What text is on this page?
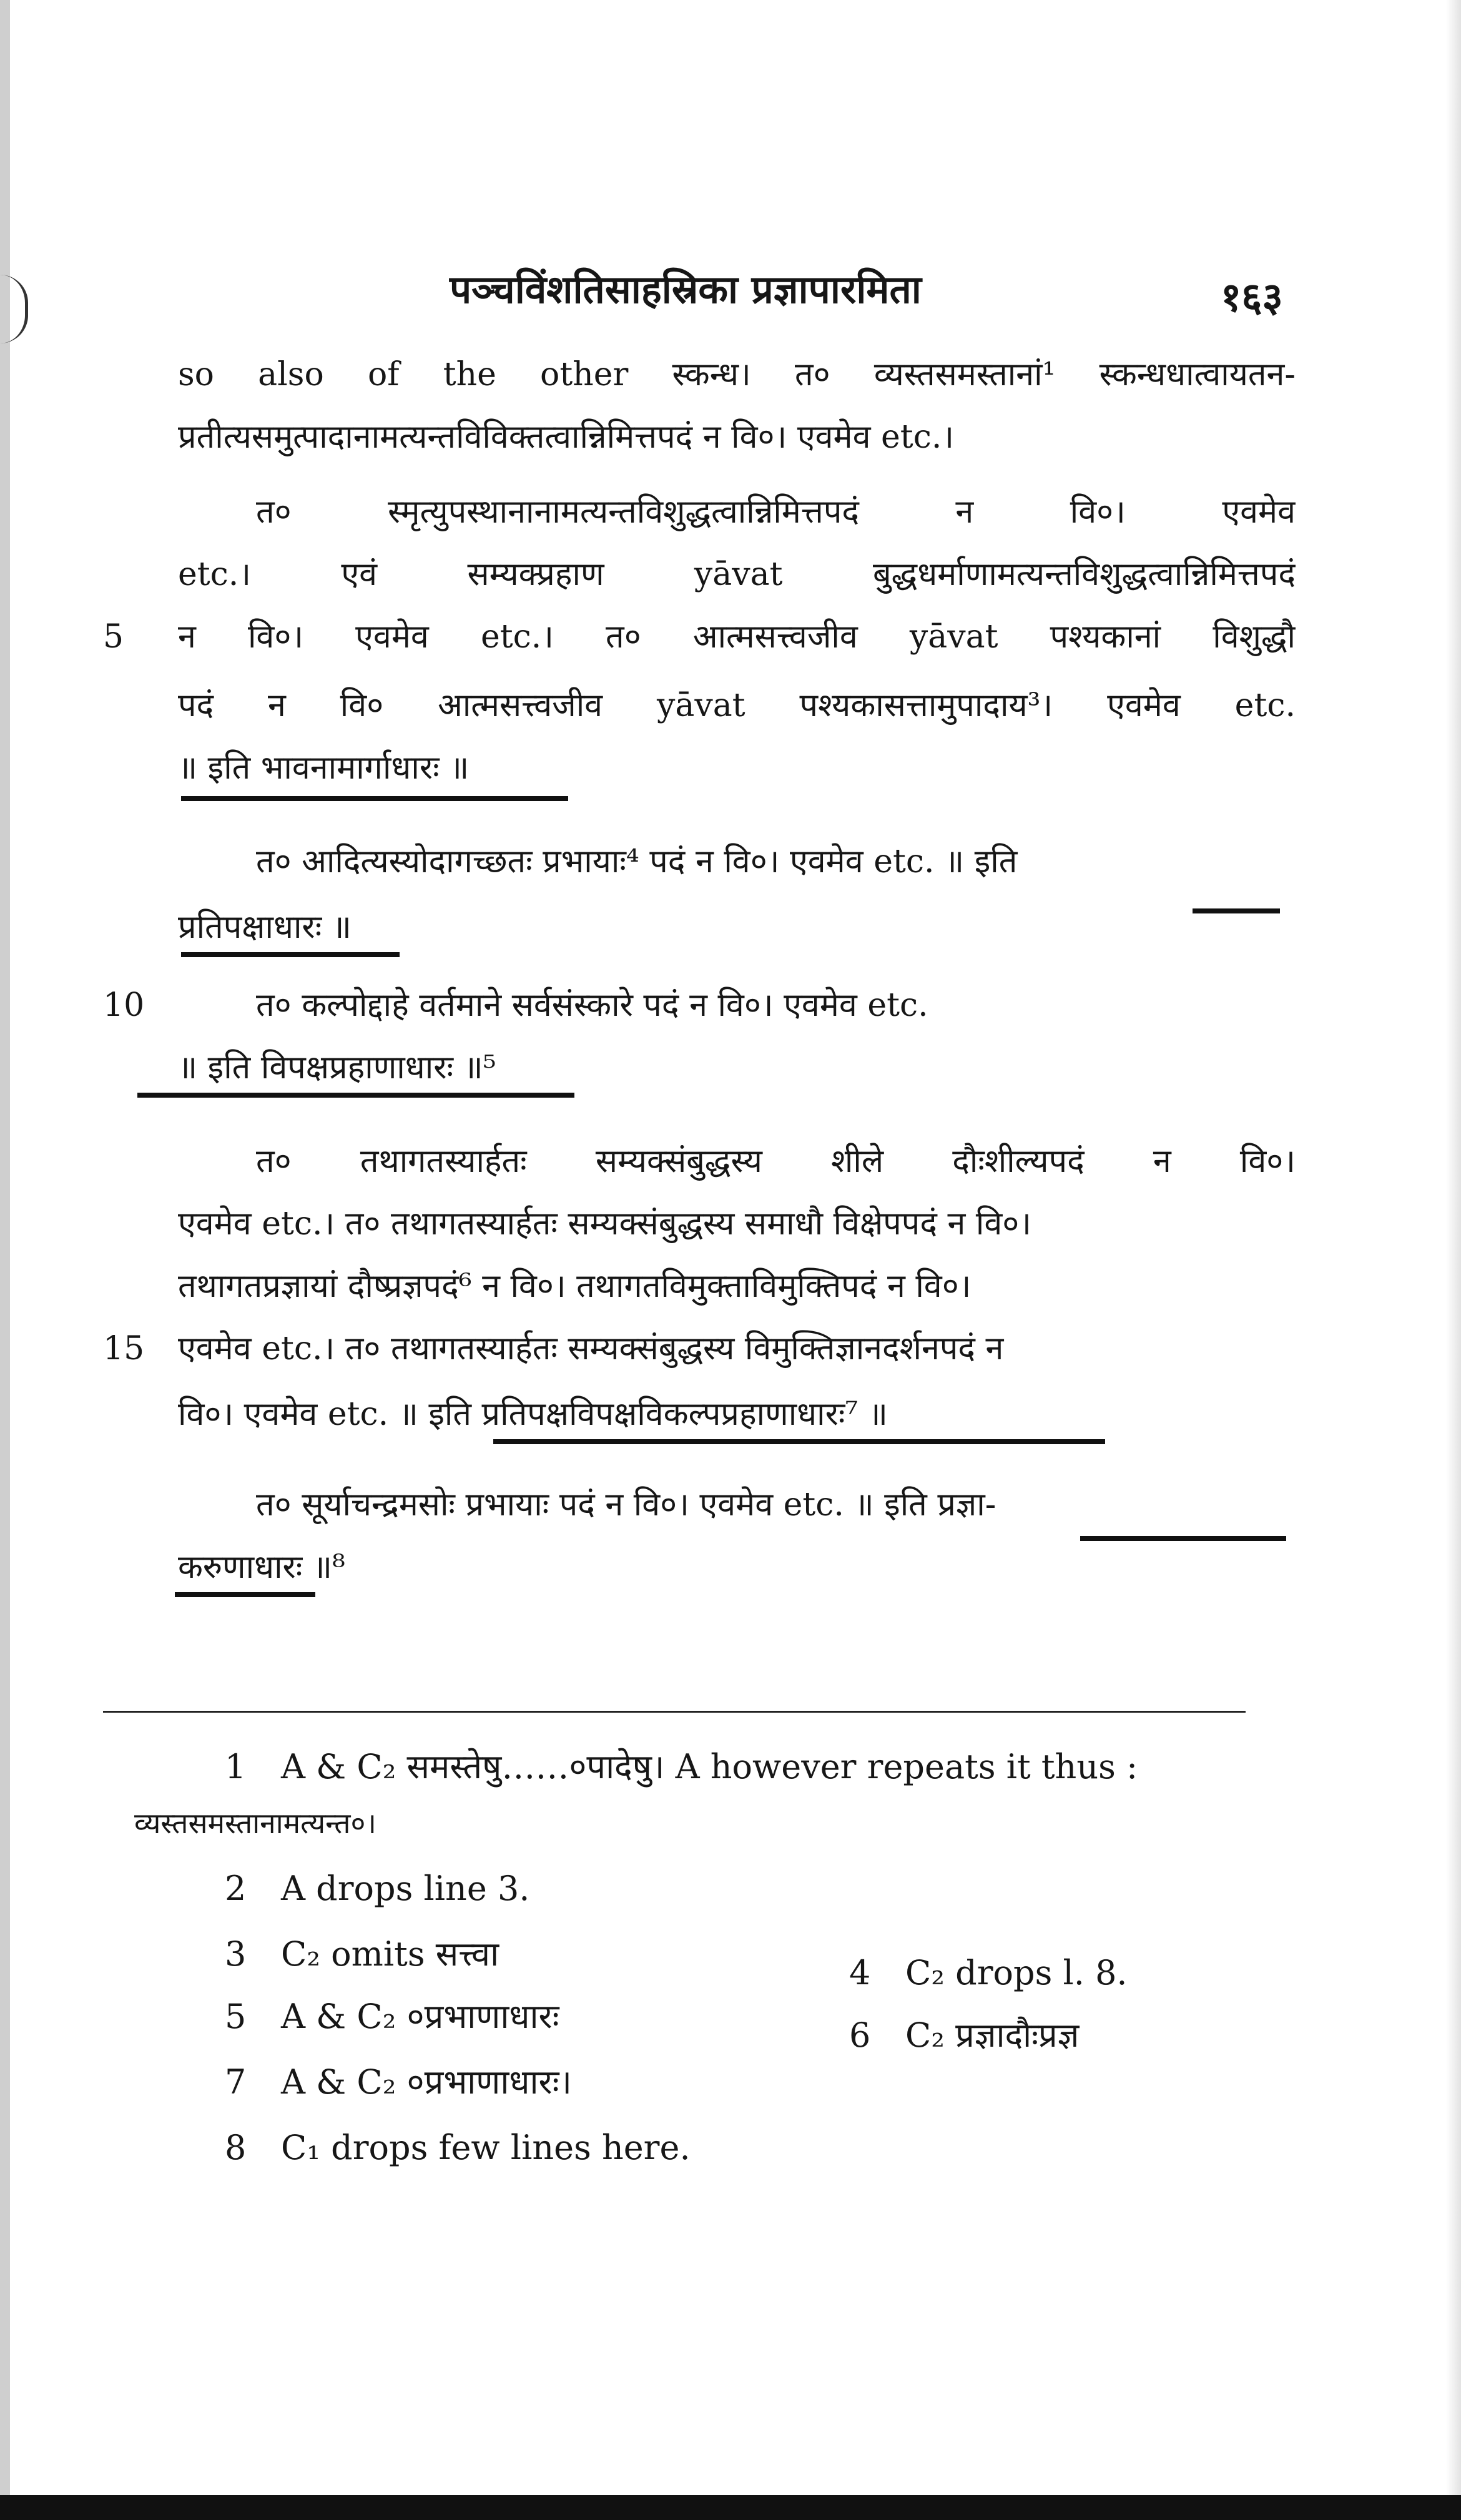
पञ्चविंशतिसाहस्रिका प्रज्ञापारमिता	१६३
so also of the other स्कन्ध। त० व्यस्तसमस्तानां¹ स्कन्धधात्वायतन-
प्रतीत्यसमुत्पादानामत्यन्तविविक्तत्वान्निमित्तपदं न वि०। एवमेव etc.।
त० स्मृत्युपस्थानानामत्यन्तविशुद्धत्वान्निमित्तपदं न वि०। एवमेव
etc.। एवं सम्यक्प्रहाण yāvat बुद्धधर्माणामत्यन्तविशुद्धत्वान्निमित्तपदं
5 न वि०। एवमेव etc.। त० आत्मसत्त्वजीव yāvat पश्यकानां विशुद्धौ
पदं न वि० आत्मसत्त्वजीव yāvat पश्यकासत्तामुपादाय³। एवमेव etc.
॥ इति भावनामार्गाधारः ॥
त० आदित्यस्योदागच्छतः प्रभायाः⁴ पदं न वि०। एवमेव etc. ॥ इति
प्रतिपक्षाधारः ॥
10	त० कल्पोद्दाहे वर्तमाने सर्वसंस्कारे पदं न वि०। एवमेव etc.
॥ इति विपक्षप्रहाणाधारः ॥⁵
त० तथागतस्यार्हतः सम्यक्संबुद्धस्य शीले दौःशील्यपदं न वि०।
एवमेव etc.। त० तथागतस्यार्हतः सम्यक्संबुद्धस्य समाधौ विक्षेपपदं न वि०।
तथागतप्रज्ञायां दौष्प्रज्ञपदं⁶ न वि०। तथागतविमुक्ताविमुक्तिपदं न वि०।
15 एवमेव etc.। त० तथागतस्यार्हतः सम्यक्संबुद्धस्य विमुक्तिज्ञानदर्शनपदं न
वि०। एवमेव etc. ॥ इति प्रतिपक्षविपक्षविकल्पप्रहाणाधारः⁷ ॥
त० सूर्याचन्द्रमसोः प्रभायाः पदं न वि०। एवमेव etc. ॥ इति प्रज्ञा-
करुणाधारः ॥⁸
1 A & C₂ समस्तेषु……०पादेषु। A however repeats it thus :
व्यस्तसमस्तानामत्यन्त०।
2 A drops line 3.
3 C₂ omits सत्त्वा	4 C₂ drops l. 8.
5 A & C₂ ०प्रभाणाधारः	6 C₂ प्रज्ञादौःप्रज्ञ
7 A & C₂ ०प्रभाणाधारः।
8 C₁ drops few lines here.
